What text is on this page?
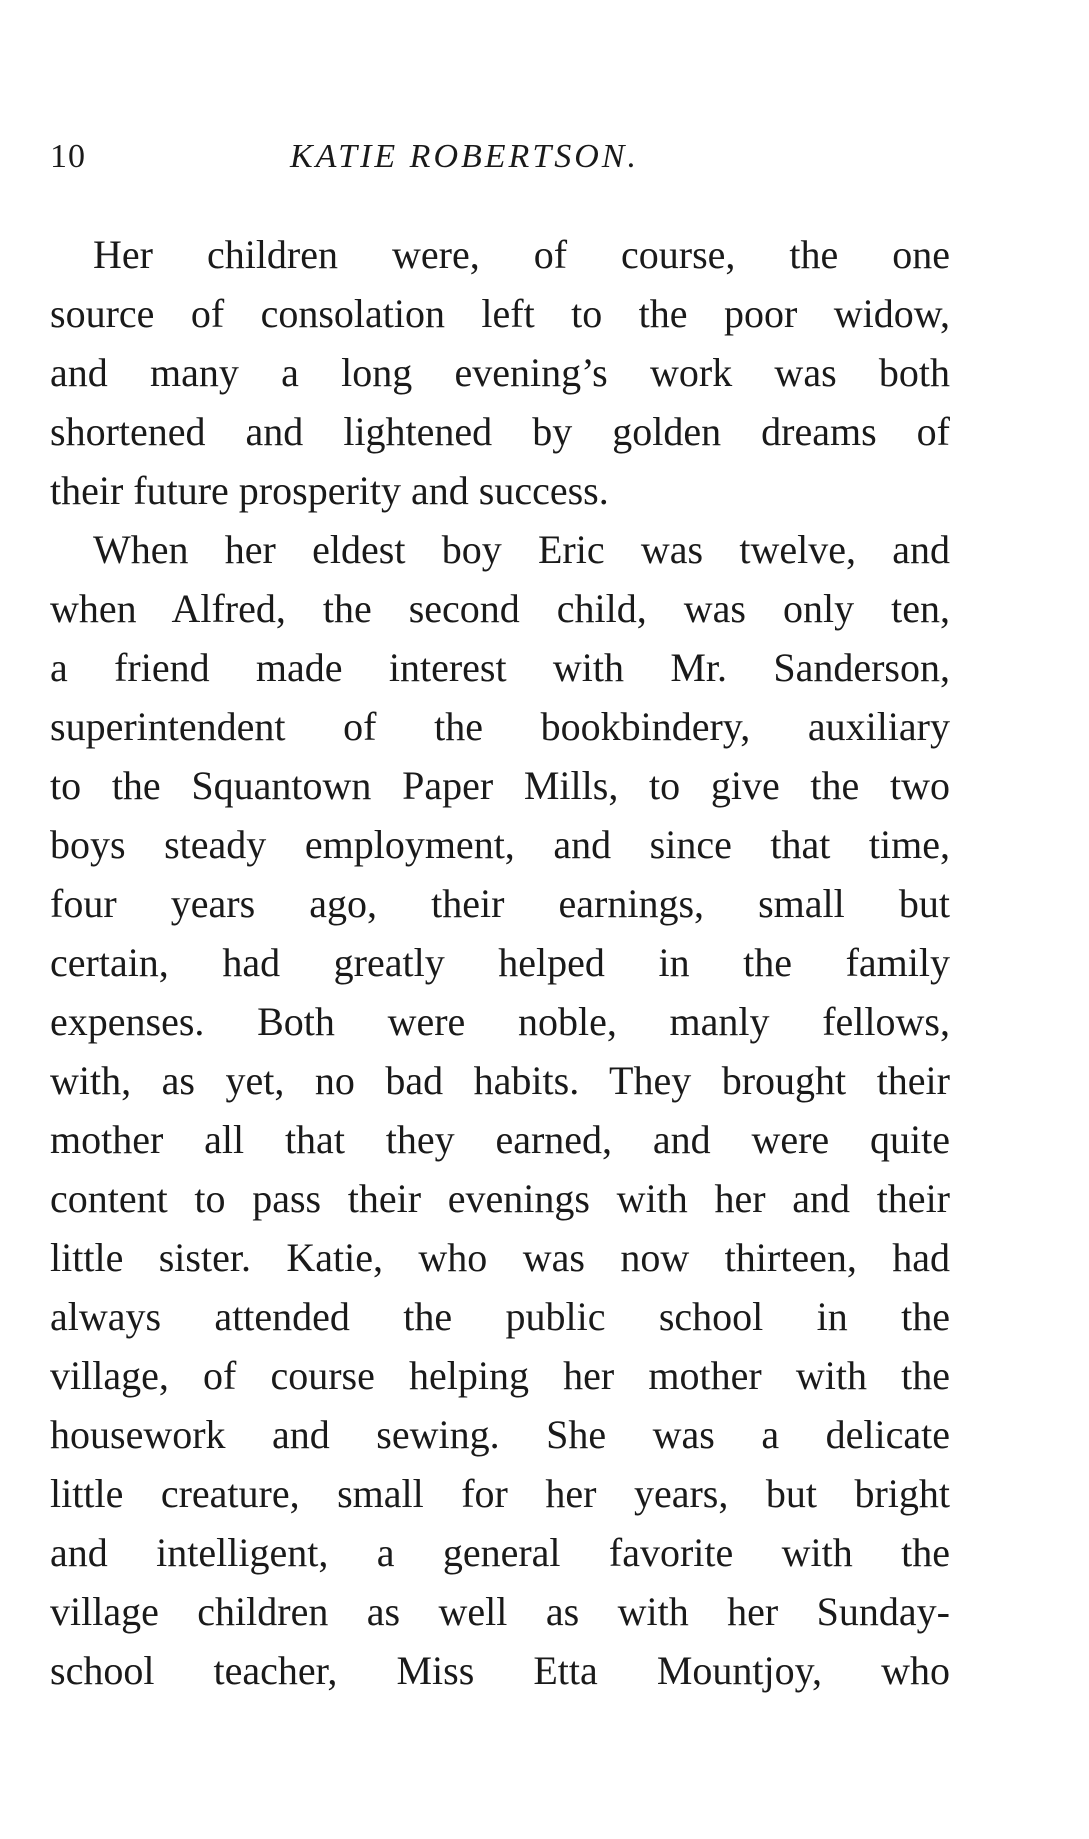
10	KATIE ROBERTSON.
Her children were, of course, the one
source of consolation left to the poor widow,
and many a long evening’s work was both
shortened and lightened by golden dreams of
their future prosperity and success.
When her eldest boy Eric was twelve, and
when Alfred, the second child, was only ten,
a friend made interest with Mr. Sanderson,
superintendent of the bookbindery, auxiliary
to the Squantown Paper Mills, to give the two
boys steady employment, and since that time,
four years ago, their earnings, small but
certain, had greatly helped in the family
expenses. Both were noble, manly fellows,
with, as yet, no bad habits. They brought their
mother all that they earned, and were quite
content to pass their evenings with her and their
little sister. Katie, who was now thirteen, had
always attended the public school in the
village, of course helping her mother with the
housework and sewing. She was a delicate
little creature, small for her years, but bright
and intelligent, a general favorite with the
village children as well as with her Sunday-
school teacher, Miss Etta Mountjoy, who
